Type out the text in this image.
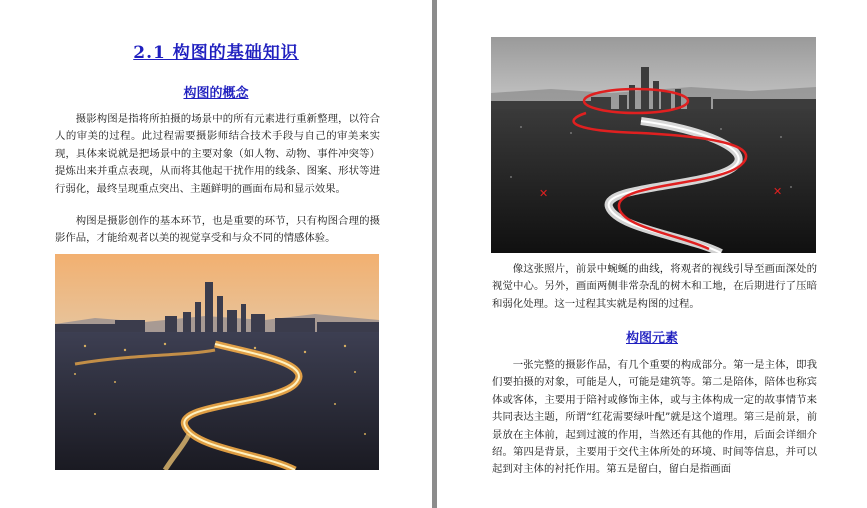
2.1 构图的基础知识
构图的概念

摄影构图是指将所拍摄的场景中的所有元素进行重新整理，以符合人的审美的过程。此过程需要摄影师结合技术手段与自己的审美来实现，具体来说就是把场景中的主要对象（如人物、动物、事件冲突等）提炼出来并重点表现，从而将其他起干扰作用的线条、图案、形状等进行弱化，最终呈现重点突出、主题鲜明的画面布局和显示效果。

构图是摄影创作的基本环节，也是重要的环节，只有构图合理的摄影作品，才能给观者以美的视觉享受和与众不同的情感体验。

✕	✕

像这张照片，前景中蜿蜒的曲线，将观者的视线引导至画面深处的视觉中心。另外，画面两侧非常杂乱的树木和工地，在后期进行了压暗和弱化处理。这一过程其实就是构图的过程。

构图元素

一张完整的摄影作品，有几个重要的构成部分。第一是主体，即我们要拍摄的对象，可能是人，可能是建筑等。第二是陪体，陪体也称宾体或客体，主要用于陪衬或修饰主体，或与主体构成一定的故事情节来共同表达主题，所谓“红花需要绿叶配”就是这个道理。第三是前景，前景放在主体前，起到过渡的作用，当然还有其他的作用，后面会详细介绍。第四是背景，主要用于交代主体所处的环境、时间等信息，并可以起到对主体的衬托作用。第五是留白，留白是指画面
